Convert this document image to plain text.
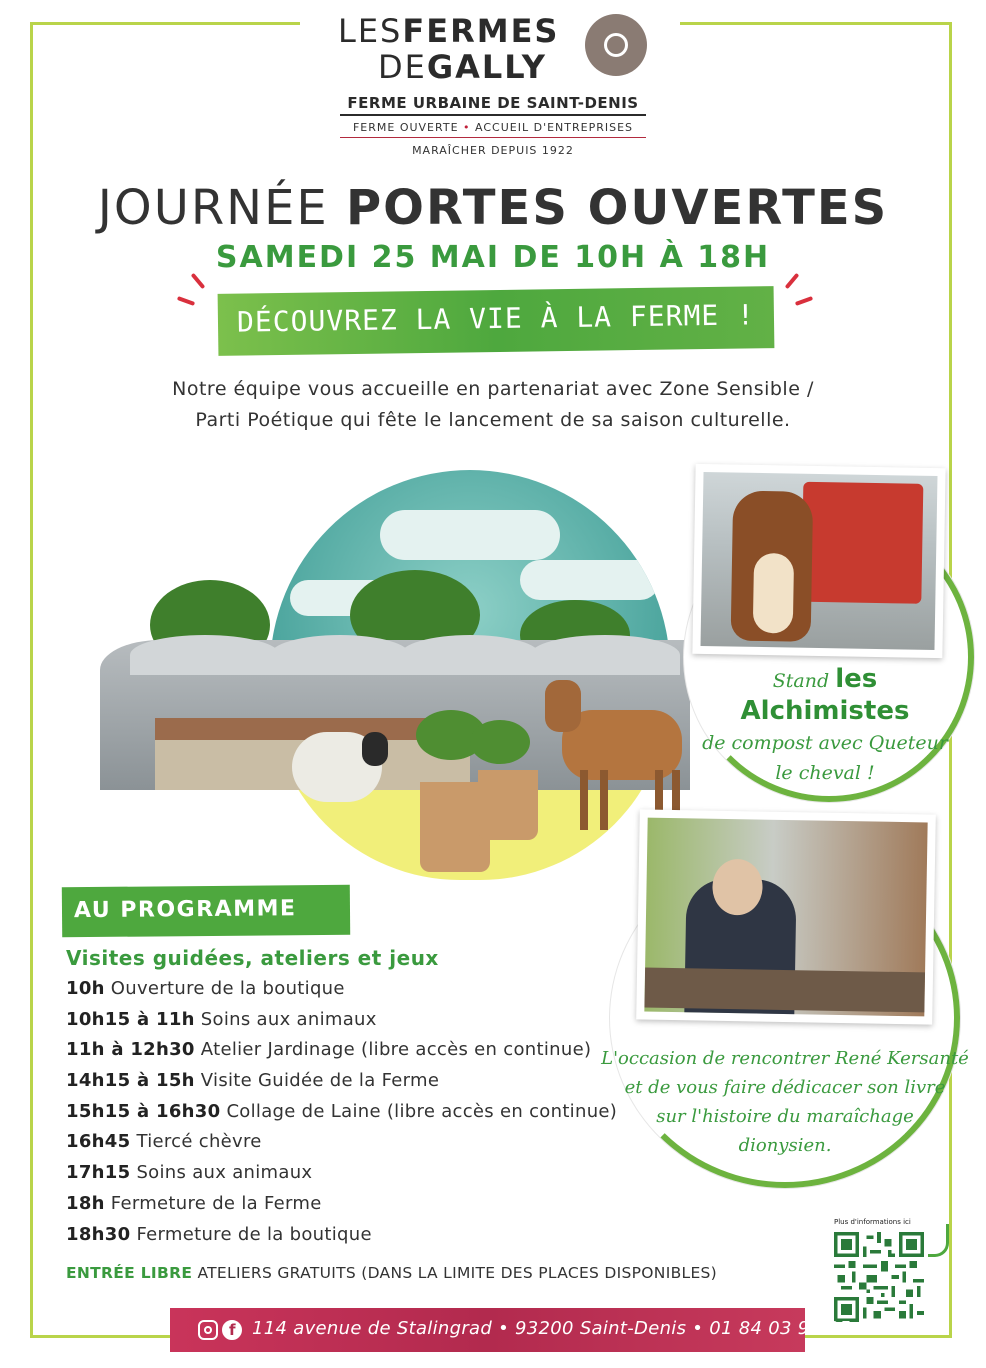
LESFERMES
DEGALLY
FERME URBAINE DE SAINT-DENIS
FERME OUVERTE • ACCUEIL D'ENTREPRISES
MARAÎCHER DEPUIS 1922
JOURNÉE PORTES OUVERTES
SAMEDI 25 MAI DE 10H À 18H
DÉCOUVREZ LA VIE À LA FERME !
Notre équipe vous accueille en partenariat avec Zone Sensible /
Parti Poétique qui fête le lancement de sa saison culturelle.
Stand les Alchimistes
de compost avec Queteur
le cheval !
L'occasion de rencontrer René Kersanté
et de vous faire dédicacer son livre
sur l'histoire du maraîchage
dionysien.
AU PROGRAMME
Visites guidées, ateliers et jeux
10h Ouverture de la boutique
10h15 à 11h Soins aux animaux
11h à 12h30 Atelier Jardinage (libre accès en continue)
14h15 à 15h Visite Guidée de la Ferme
15h15 à 16h30 Collage de Laine (libre accès en continue)
16h45 Tiercé chèvre
17h15 Soins aux animaux
18h Fermeture de la Ferme
18h30 Fermeture de la boutique
ENTRÉE LIBRE ATELIERS GRATUITS (DANS LA LIMITE DES PLACES DISPONIBLES)
Plus d'informations ici
f
114 avenue de Stalingrad • 93200 Saint-Denis • 01 84 03 98 95
